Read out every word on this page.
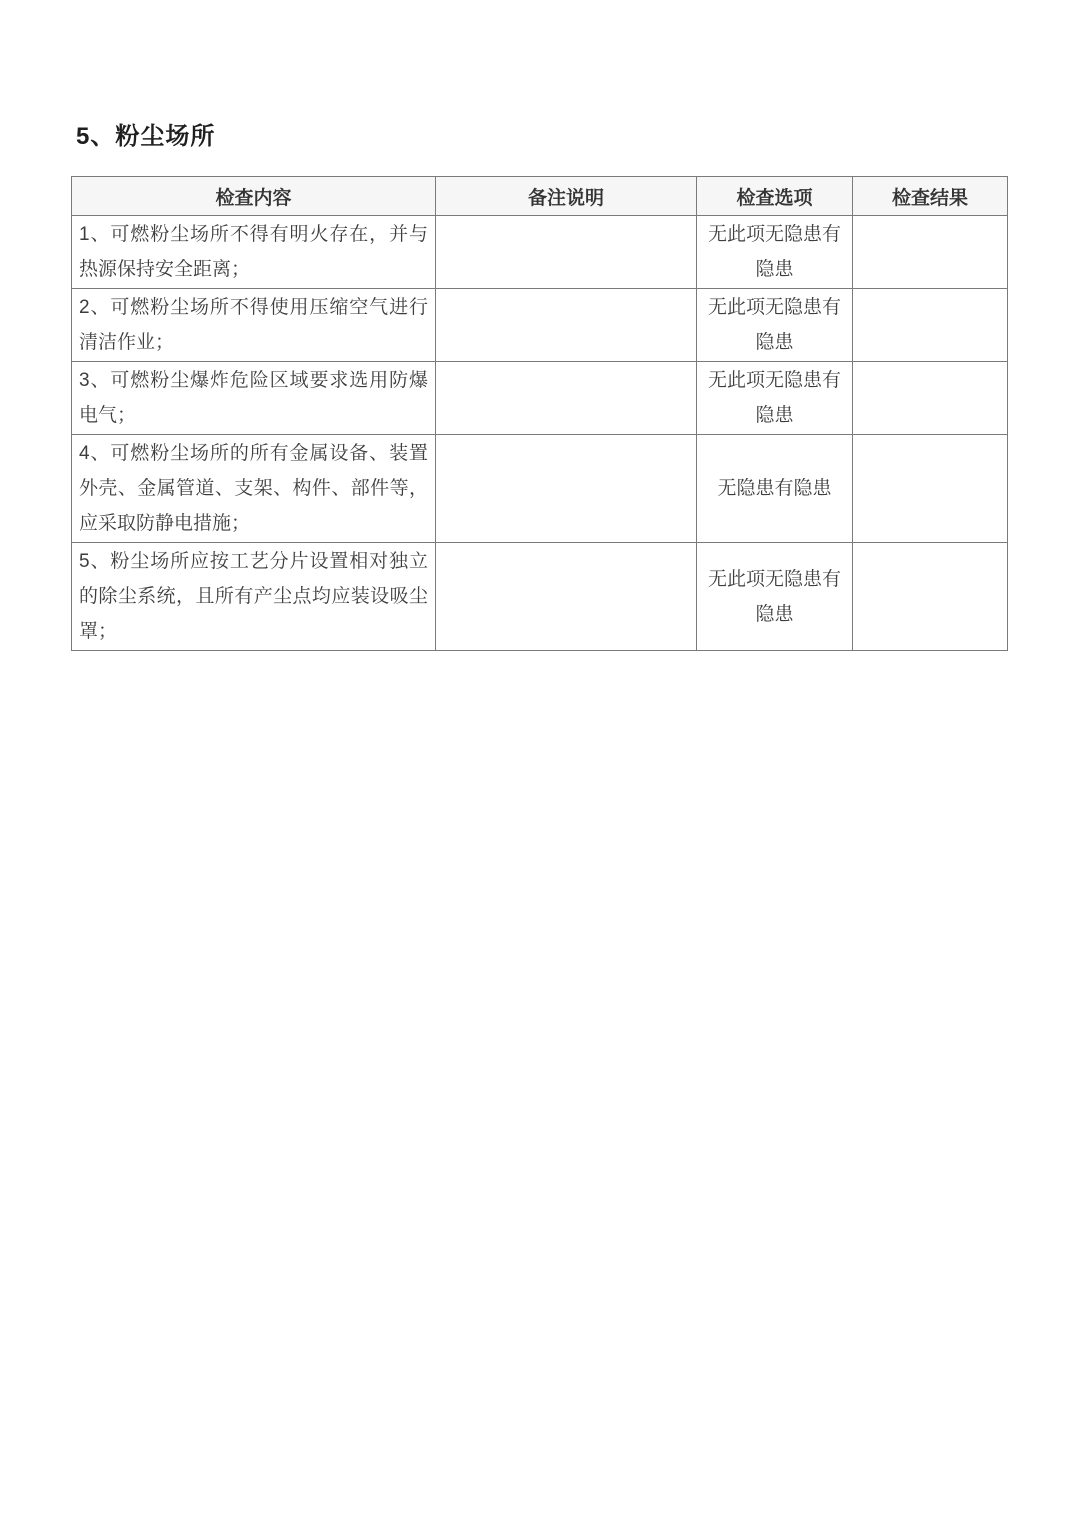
5、粉尘场所
检查内容	备注说明	检查选项	检查结果
1、可燃粉尘场所不得有明火存在，并与热源保持安全距离；		无此项无隐患有隐患	
2、可燃粉尘场所不得使用压缩空气进行清洁作业；		无此项无隐患有隐患	
3、可燃粉尘爆炸危险区域要求选用防爆电气；		无此项无隐患有隐患	
4、可燃粉尘场所的所有金属设备、装置外壳、金属管道、支架、构件、部件等，应采取防静电措施；		无隐患有隐患	
5、粉尘场所应按工艺分片设置相对独立的除尘系统，且所有产尘点均应装设吸尘罩；		无此项无隐患有隐患	
